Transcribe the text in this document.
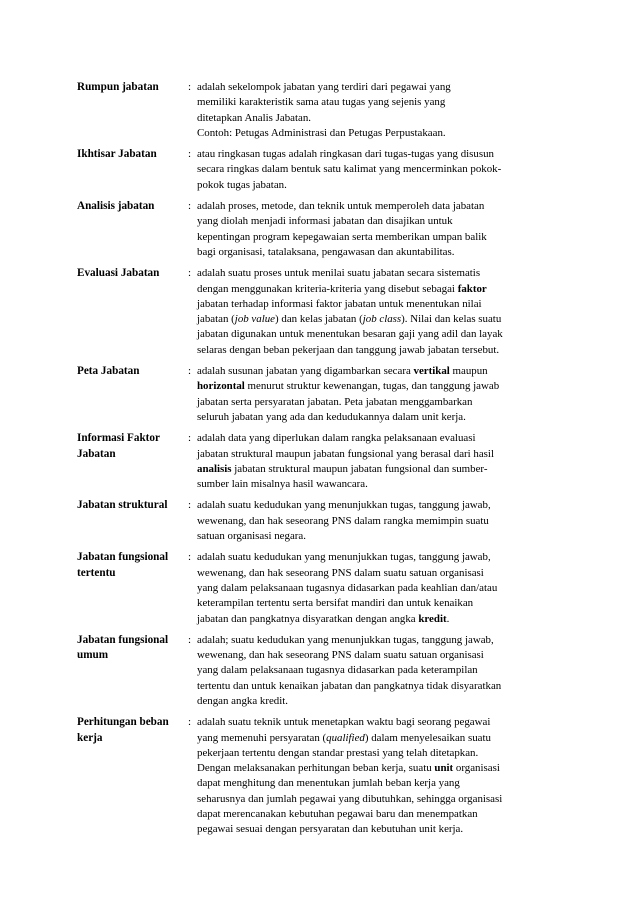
Rumpun jabatan	: adalah sekelompok jabatan yang terdiri dari pegawai yang
memiliki karakteristik sama atau tugas yang sejenis yang
ditetapkan Analis Jabatan.
Contoh: Petugas Administrasi dan Petugas Perpustakaan.
Ikhtisar Jabatan	: atau ringkasan tugas adalah ringkasan dari tugas-tugas yang disusun
secara ringkas dalam bentuk satu kalimat yang mencerminkan pokok-
pokok tugas jabatan.
Analisis jabatan	: adalah proses, metode, dan teknik untuk memperoleh data jabatan
yang diolah menjadi informasi jabatan dan disajikan untuk
kepentingan program kepegawaian serta memberikan umpan balik
bagi organisasi, tatalaksana, pengawasan dan akuntabilitas.
Evaluasi Jabatan	: adalah suatu proses untuk menilai suatu jabatan secara sistematis
dengan menggunakan kriteria-kriteria yang disebut sebagai faktor
jabatan terhadap informasi faktor jabatan untuk menentukan nilai
jabatan (job value) dan kelas jabatan (job class). Nilai dan kelas suatu
jabatan digunakan untuk menentukan besaran gaji yang adil dan layak
selaras dengan beban pekerjaan dan tanggung jawab jabatan tersebut.
Peta Jabatan	: adalah susunan jabatan yang digambarkan secara vertikal maupun
horizontal menurut struktur kewenangan, tugas, dan tanggung jawab
jabatan serta persyaratan jabatan. Peta jabatan menggambarkan
seluruh jabatan yang ada dan kedudukannya dalam unit kerja.
Informasi Faktor Jabatan
: adalah data yang diperlukan dalam rangka pelaksanaan evaluasi
jabatan struktural maupun jabatan fungsional yang berasal dari hasil
analisis jabatan struktural maupun jabatan fungsional dan sumber-
sumber lain misalnya hasil wawancara.
Jabatan struktural	: adalah suatu kedudukan yang menunjukkan tugas, tanggung jawab,
wewenang, dan hak seseorang PNS dalam rangka memimpin suatu
satuan organisasi negara.
Jabatan fungsional tertentu
: adalah suatu kedudukan yang menunjukkan tugas, tanggung jawab,
wewenang, dan hak seseorang PNS dalam suatu satuan organisasi
yang dalam pelaksanaan tugasnya didasarkan pada keahlian dan/atau
keterampilan tertentu serta bersifat mandiri dan untuk kenaikan
jabatan dan pangkatnya disyaratkan dengan angka kredit.
Jabatan fungsional umum
: adalah; suatu kedudukan yang menunjukkan tugas, tanggung jawab,
wewenang, dan hak seseorang PNS dalam suatu satuan organisasi
yang dalam pelaksanaan tugasnya didasarkan pada keterampilan
tertentu dan untuk kenaikan jabatan dan pangkatnya tidak disyaratkan
dengan angka kredit.
Perhitungan beban kerja
: adalah suatu teknik untuk menetapkan waktu bagi seorang pegawai
yang memenuhi persyaratan (qualified) dalam menyelesaikan suatu
pekerjaan tertentu dengan standar prestasi yang telah ditetapkan.
Dengan melaksanakan perhitungan beban kerja, suatu unit organisasi
dapat menghitung dan menentukan jumlah beban kerja yang
seharusnya dan jumlah pegawai yang dibutuhkan, sehingga organisasi
dapat merencanakan kebutuhan pegawai baru dan menempatkan
pegawai sesuai dengan persyaratan dan kebutuhan unit kerja.
